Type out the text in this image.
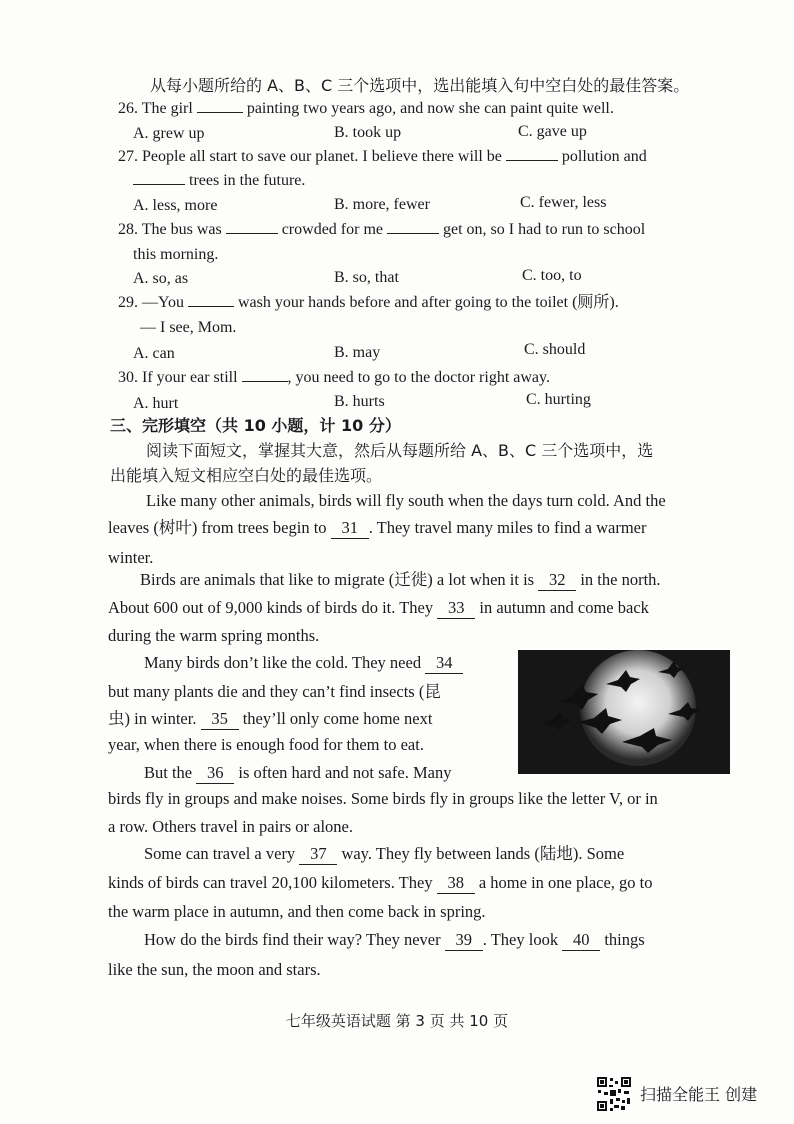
从每小题所给的 A、B、C 三个选项中，选出能填入句中空白处的最佳答案。
26. The girl	painting two years ago, and now she can paint quite well.
A. grew up	B. took up	C. gave up
27. People all start to save our planet. I believe there will be	pollution and
trees in the future.
A. less, more	B. more, fewer	C. fewer, less
28. The bus was	crowded for me	get on, so I had to run to school
this morning.
A. so, as	B. so, that	C. too, to
29. —You	wash your hands before and after going to the toilet (厕所).
— I see, Mom.
A. can	B. may	C. should
30. If your ear still	, you need to go to the doctor right away.
A. hurt	B. hurts	C. hurting
三、完形填空（共 10 小题，计 10 分）
阅读下面短文，掌握其大意，然后从每题所给 A、B、C 三个选项中，选
出能填入短文相应空白处的最佳选项。
Like many other animals, birds will fly south when the days turn cold. And the
leaves (树叶) from trees begin to 31 . They travel many miles to find a warmer
winter.
Birds are animals that like to migrate (迁徙) a lot when it is 32 in the north.
About 600 out of 9,000 kinds of birds do it. They 33 in autumn and come back
during the warm spring months.
Many birds don’t like the cold. They need 34
but many plants die and they can’t find insects (昆
虫) in winter. 35 they’ll only come home next
year, when there is enough food for them to eat.
But the 36 is often hard and not safe. Many
birds fly in groups and make noises. Some birds fly in groups like the letter V, or in
a row. Others travel in pairs or alone.
Some can travel a very 37 way. They fly between lands (陆地). Some
kinds of birds can travel 20,100 kilometers. They 38 a home in one place, go to
the warm place in autumn, and then come back in spring.
How do the birds find their way? They never 39 . They look 40 things
like the sun, the moon and stars.
七年级英语试题 第 3 页 共 10 页
扫描全能王 创建
